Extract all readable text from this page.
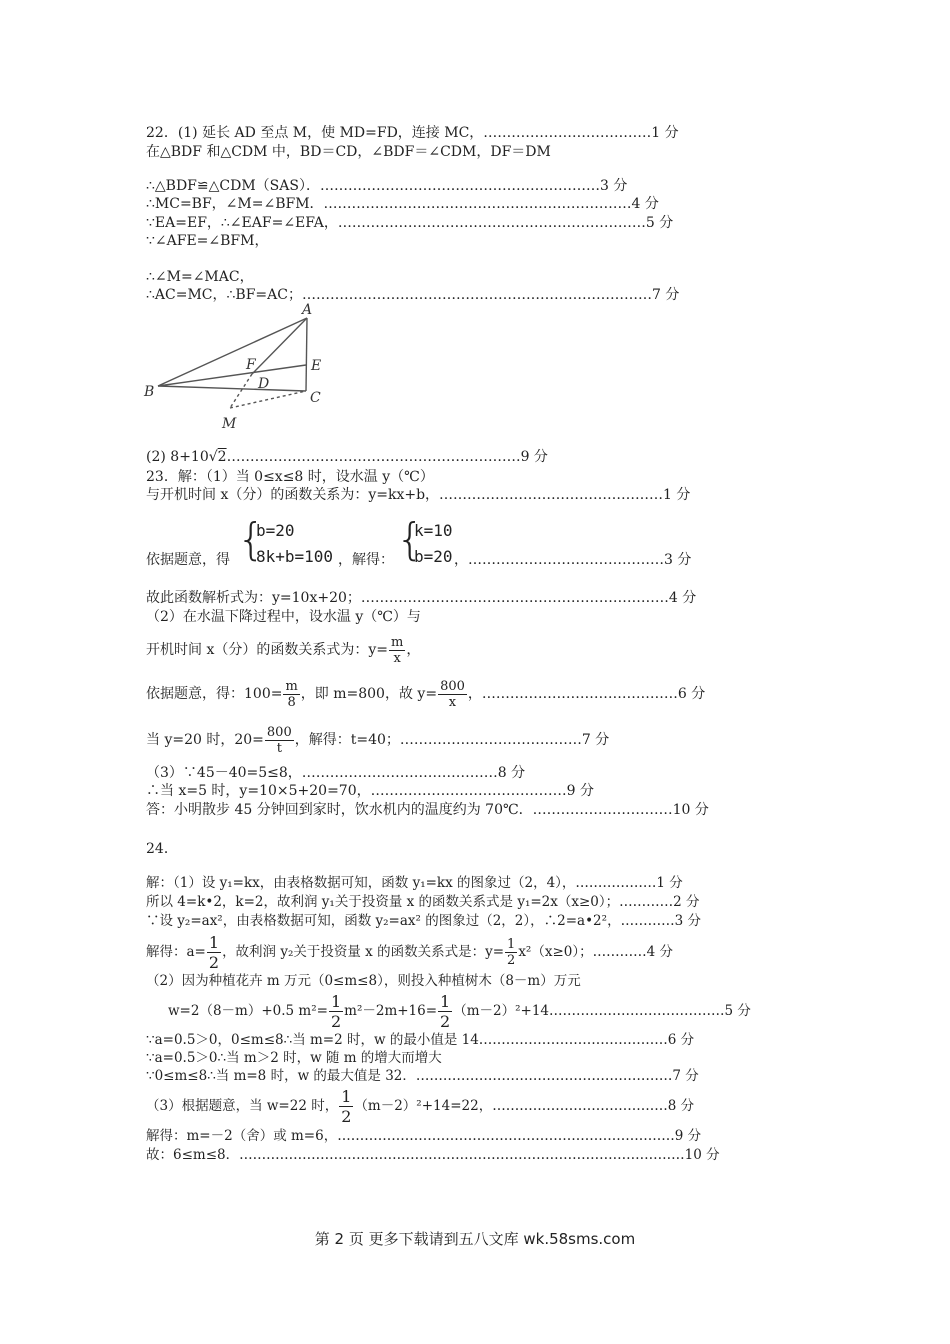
22．(1) 延长 AD 至点 M，使 MD=FD，连接 MC，………………………………1 分
在△BDF 和△CDM 中，BD＝CD，∠BDF＝∠CDM，DF＝DM
∴△BDF≌△CDM（SAS）．……………………………………………………3 分
∴MC=BF，∠M=∠BFM．…………………………………………………………4 分
∵EA=EF，∴∠EAF=∠EFA，…………………………………………………………5 分
∵∠AFE=∠BFM，
∴∠M=∠MAC，
∴AC=MC，∴BF=AC；…………………………………………………………………7 分
A
B	C
D
E
F
M
(2) 8+10√2………………………………………………………9 分
23．解：（1）当 0≤x≤8 时，设水温 y（℃）
与开机时间 x（分）的函数关系为：y=kx+b，…………………………………………1 分
依据题意，得 {
b=20
8k+b=100 ，解得： {
k=10
b=20 ，……………………………………3 分
故此函数解析式为：y=10x+20；…………………………………………………………4 分
（2）在水温下降过程中，设水温 y（℃）与
开机时间 x（分）的函数关系式为：$y= \frac{m}{x}$ ，
依据题意，得：$100= \frac{m}{8}$ ，即 m=800，故 $y= \frac{800}{x}$ ，……………………………………6 分
当 y=20 时，$20= \frac{800}{t}$ ，解得：t=40；…………………………………7 分
（3）∵45－40=5≤8，……………………………………8 分
∴当 x=5 时，y=10×5+20=70，……………………………………9 分
答：小明散步 45 分钟回到家时，饮水机内的温度约为 70℃．…………………………10 分
24．
解：（1）设 y₁=kx，由表格数据可知，函数 y₁=kx 的图象过（2，4），………………1 分
所以 4=k•2，k=2，故利润 y₁关于投资量 x 的函数关系式是 y₁=2x（x≥0）；…………2 分
∵设 y₂=ax²，由表格数据可知，函数 y₂=ax² 的图象过（2，2），∴2=a•2²，…………3 分
解得：$a= \frac{1}{2}$ ，故利润 y₂关于投资量 x 的函数关系式是：$y= \frac{1}{2} x^2(x\ge 0)$；…………4 分
（2）因为种植花卉 m 万元（0≤m≤8），则投入种植树木（8－m）万元
w=2（8－m）+0.5 $m^2= \frac{1}{2} m^2-2m+16= \frac{1}{2}$ （m－2）²+14…………………………………5 分
∵a=0.5＞0，0≤m≤8∴当 m=2 时，w 的最小值是 14……………………………………6 分
∵a=0.5＞0∴当 m＞2 时，w 随 m 的增大而增大
∵0≤m≤8∴当 m=8 时，w 的最大值是 32．…………………………………………………7 分
（3）根据题意，当 w=22 时， $\frac{1}{2} (m-2)^2+14=22$，…………………………………8 分
解得：m=－2（舍）或 m=6，…………………………………………………………………9 分
故：6≤m≤8．………………………………………………………………………………………10 分
第 2 页 更多下载请到五八文库 wk.58sms.com
